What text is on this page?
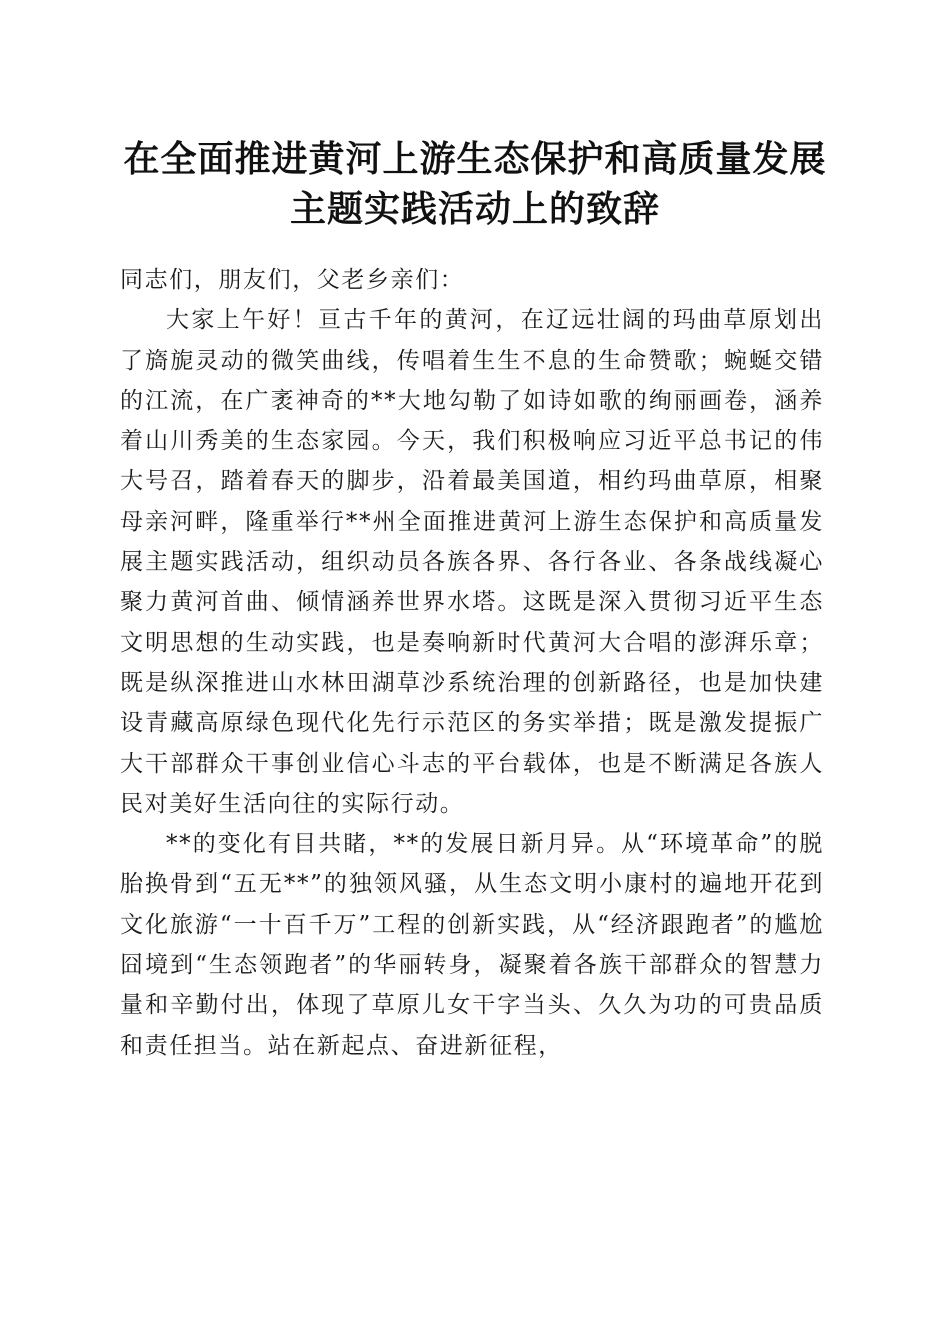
在全面推进黄河上游生态保护和高质量发展主题实践活动上的致辞

同志们，朋友们，父老乡亲们：

大家上午好！亘古千年的黄河，在辽远壮阔的玛曲草原划出了旖旎灵动的微笑曲线，传唱着生生不息的生命赞歌；蜿蜒交错的江流，在广袤神奇的**大地勾勒了如诗如歌的绚丽画卷，涵养着山川秀美的生态家园。今天，我们积极响应习近平总书记的伟大号召，踏着春天的脚步，沿着最美国道，相约玛曲草原，相聚母亲河畔，隆重举行**州全面推进黄河上游生态保护和高质量发展主题实践活动，组织动员各族各界、各行各业、各条战线凝心聚力黄河首曲、倾情涵养世界水塔。这既是深入贯彻习近平生态文明思想的生动实践，也是奏响新时代黄河大合唱的澎湃乐章；既是纵深推进山水林田湖草沙系统治理的创新路径，也是加快建设青藏高原绿色现代化先行示范区的务实举措；既是激发提振广大干部群众干事创业信心斗志的平台载体，也是不断满足各族人民对美好生活向往的实际行动。

**的变化有目共睹，**的发展日新月异。从“环境革命”的脱胎换骨到“五无**”的独领风骚，从生态文明小康村的遍地开花到文化旅游“一十百千万”工程的创新实践，从“经济跟跑者”的尴尬囧境到“生态领跑者”的华丽转身，凝聚着各族干部群众的智慧力量和辛勤付出，体现了草原儿女干字当头、久久为功的可贵品质和责任担当。站在新起点、奋进新征程，
